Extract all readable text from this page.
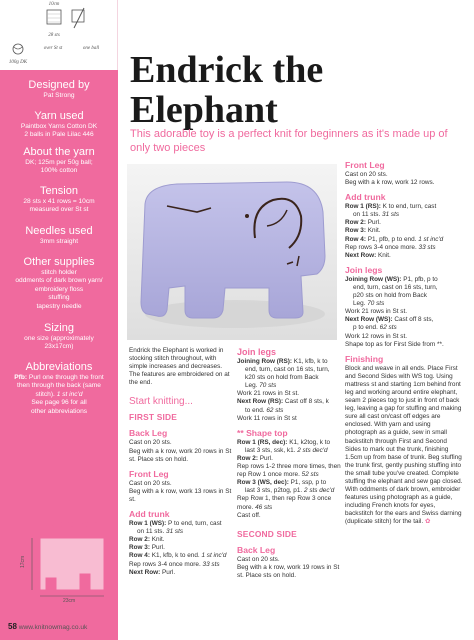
10cm
28 sts
100g DK
over St st	one ball
Designed by

Pat Strong

Yarn used

Paintbox Yarns Cotton DK

2 balls in Pale Lilac 446

About the yarn

DK; 125m per 50g ball;

100% cotton

Tension

28 sts x 41 rows = 10cm

measured over St st

Needles used

3mm straight

Other supplies

stitch holder

oddments of dark brown yarn/

embroidery floss

stuffing

tapestry needle

Sizing

one size (approximately

23x17cm)

Abbreviations

Pfb: Purl one through the front

then through the back (same

stitch). 1 st inc'd

See page 96 for all

other abbreviations

Schematic
17cm
23cm
Endrick the
Elephant
This adorable toy is a perfect knit for beginners as it's made up of only two pieces

Endrick the Elephant is worked in stocking stitch throughout, with simple increases and decreases. The features are embroidered on at the end.

Start knitting...
FIRST SIDE
Back Leg

Cast on 20 sts.

Beg with a k row, work 20 rows in St st. Place sts on hold.

Front Leg

Cast on 20 sts.

Beg with a k row, work 13 rows in St st.

Add trunk

Row 1 (WS): P to end, turn, cast

on 11 sts. 31 sts

Row 2: Knit.

Row 3: Purl.

Row 4: K1, kfb, k to end. 1 st inc'd

Rep rows 3-4 once more. 33 sts

Next Row: Purl.

Join legs

Joining Row (RS): K1, kfb, k to

end, turn, cast on 16 sts, turn,

k20 sts on hold from Back

Leg. 70 sts

Work 21 rows in St st.

Next Row (RS): Cast off 8 sts, k

to end. 62 sts

Work 11 rows in St st

** Shape top

Row 1 (RS, dec): K1, k2tog, k to

last 3 sts, ssk, k1. 2 sts dec'd

Row 2: Purl.

Rep rows 1-2 three more times, then rep Row 1 once more. 52 sts

Row 3 (WS, dec): P1, ssp, p to

last 3 sts, p2tog, p1. 2 sts dec'd

Rep Row 1, then rep Row 3 once more. 46 sts

Cast off.

SECOND SIDE
Back Leg

Cast on 20 sts.

Beg with a k row, work 19 rows in St st. Place sts on hold.

Front Leg

Cast on 20 sts.

Beg with a k row, work 12 rows.

Add trunk

Row 1 (RS): K to end, turn, cast

on 11 sts. 31 sts

Row 2: Purl.

Row 3: Knit.

Row 4: P1, pfb, p to end. 1 st inc'd

Rep rows 3-4 once more. 33 sts

Next Row: Knit.

Join legs

Joining Row (WS): P1, pfb, p to

end, turn, cast on 16 sts, turn,

p20 sts on hold from Back

Leg. 70 sts

Work 21 rows in St st.

Next Row (WS): Cast off 8 sts,

p to end. 62 sts

Work 12 rows in St st.

Shape top as for First Side from **.

Finishing

Block and weave in all ends. Place First and Second Sides with WS tog. Using mattress st and starting 1cm behind front leg and working around entire elephant, seam 2 pieces tog to just in front of back leg, leaving a gap for stuffing and making sure all cast on/cast off edges are enclosed. With yarn and using photograph as a guide, sew in small backstitch through First and Second Sides to mark out the trunk, finishing 1.5cm up from base of trunk. Beg stuffing the trunk first, gently pushing stuffing into the small tube you've created. Complete stuffing the elephant and sew gap closed. With oddments of dark brown, embroider features using photograph as a guide, including French knots for eyes, backstitch for the ears and Swiss darning (duplicate stitch) for the tail. ✿

58 www.knitnowmag.co.uk
